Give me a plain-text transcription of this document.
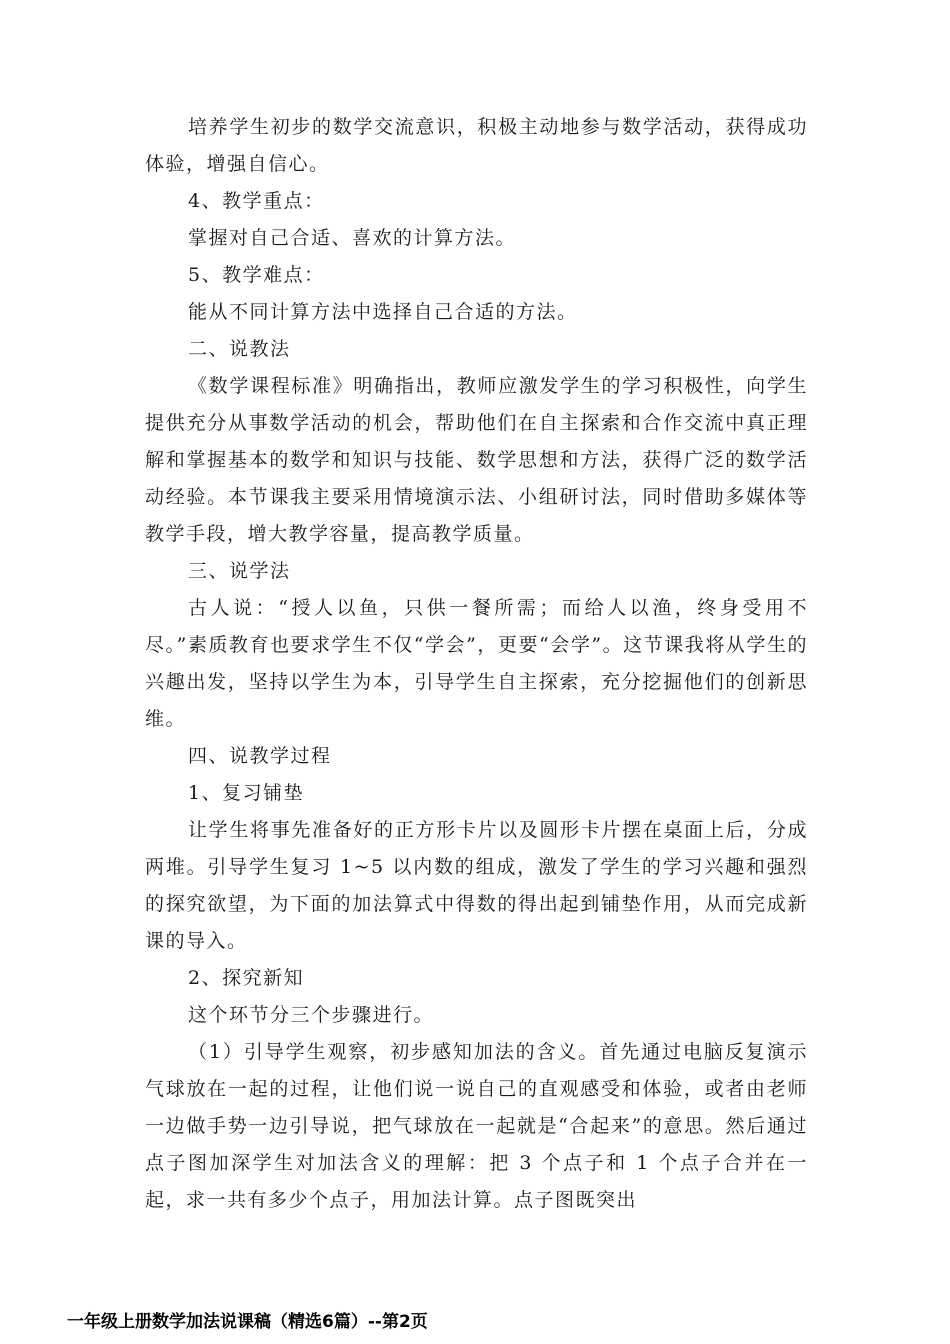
培养学生初步的数学交流意识，积极主动地参与数学活动，获得成功体验，增强自信心。

4、教学重点：

掌握对自己合适、喜欢的计算方法。

5、教学难点：

能从不同计算方法中选择自己合适的方法。

二、说教法

《数学课程标准》明确指出，教师应激发学生的学习积极性，向学生提供充分从事数学活动的机会，帮助他们在自主探索和合作交流中真正理解和掌握基本的数学和知识与技能、数学思想和方法，获得广泛的数学活动经验。本节课我主要采用情境演示法、小组研讨法，同时借助多媒体等教学手段，增大教学容量，提高教学质量。

三、说学法

古人说：“授人以鱼，只供一餐所需；而给人以渔，终身受用不尽。”素质教育也要求学生不仅“学会”，更要“会学”。这节课我将从学生的兴趣出发，坚持以学生为本，引导学生自主探索，充分挖掘他们的创新思维。

四、说教学过程

1、复习铺垫

让学生将事先准备好的正方形卡片以及圆形卡片摆在桌面上后，分成两堆。引导学生复习 1~5 以内数的组成，激发了学生的学习兴趣和强烈的探究欲望，为下面的加法算式中得数的得出起到铺垫作用，从而完成新课的导入。

2、探究新知

这个环节分三个步骤进行。

（1）引导学生观察，初步感知加法的含义。首先通过电脑反复演示气球放在一起的过程，让他们说一说自己的直观感受和体验，或者由老师一边做手势一边引导说，把气球放在一起就是“合起来”的意思。然后通过点子图加深学生对加法含义的理解：把 3 个点子和 1 个点子合并在一起，求一共有多少个点子，用加法计算。点子图既突出

一年级上册数学加法说课稿（精选6篇）--第2页
